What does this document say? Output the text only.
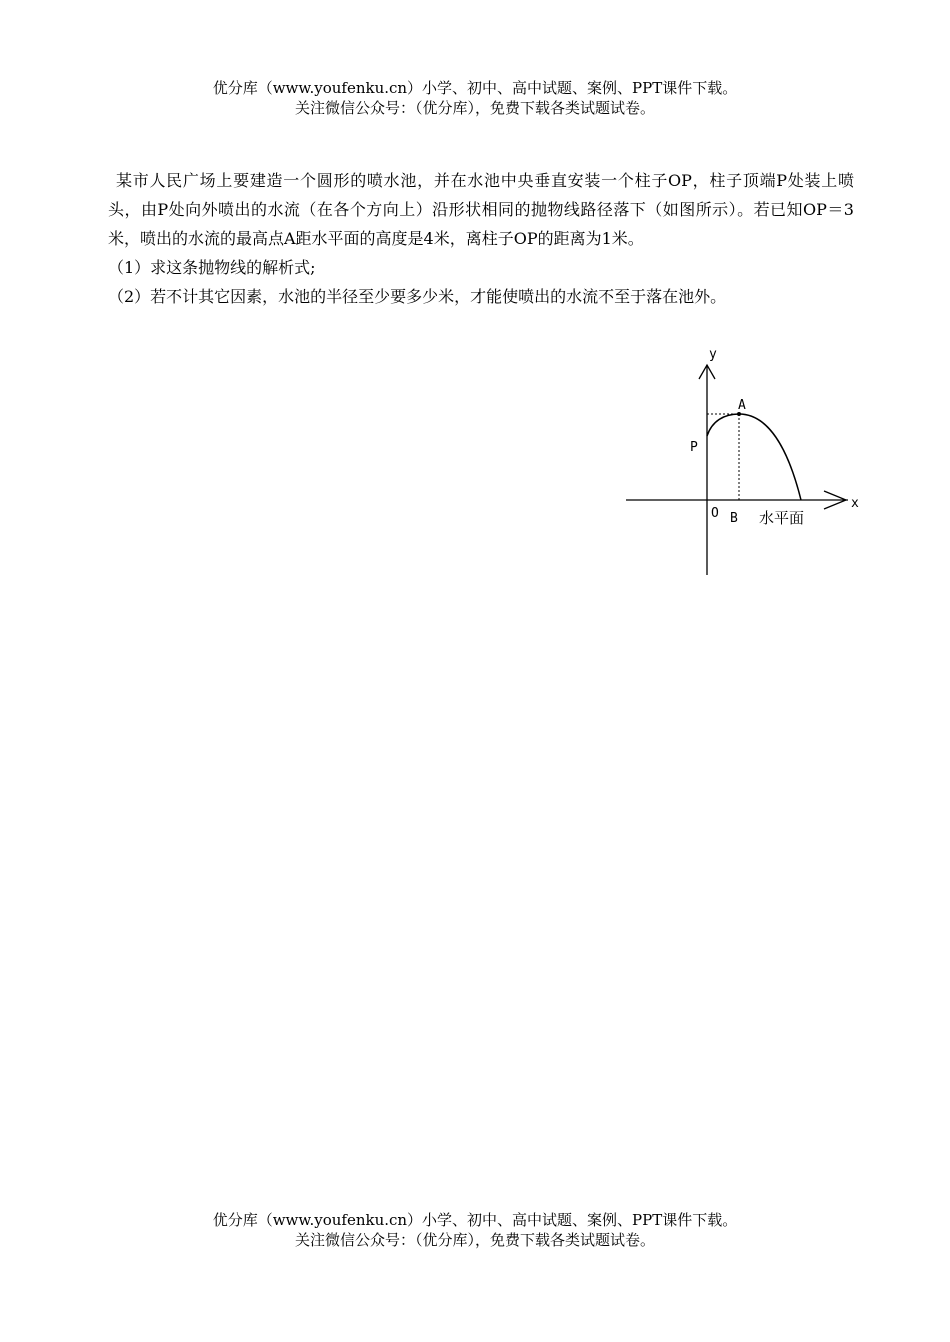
优分库（www.youfenku.cn）小学、初中、高中试题、案例、PPT课件下载。
关注微信公众号：（优分库），免费下载各类试题试卷。

某市人民广场上要建造一个圆形的喷水池，并在水池中央垂直安装一个柱子OP，柱子顶端P处装上喷头，由P处向外喷出的水流（在各个方向上）沿形状相同的抛物线路径落下（如图所示）。若已知OP＝3米，喷出的水流的最高点A距水平面的高度是4米，离柱子OP的距离为1米。

（1）求这条抛物线的解析式;

（2）若不计其它因素，水池的半径至少要多少米，才能使喷出的水流不至于落在池外。

y
x
A
P
O B 水平面
优分库（www.youfenku.cn）小学、初中、高中试题、案例、PPT课件下载。
关注微信公众号：（优分库），免费下载各类试题试卷。
